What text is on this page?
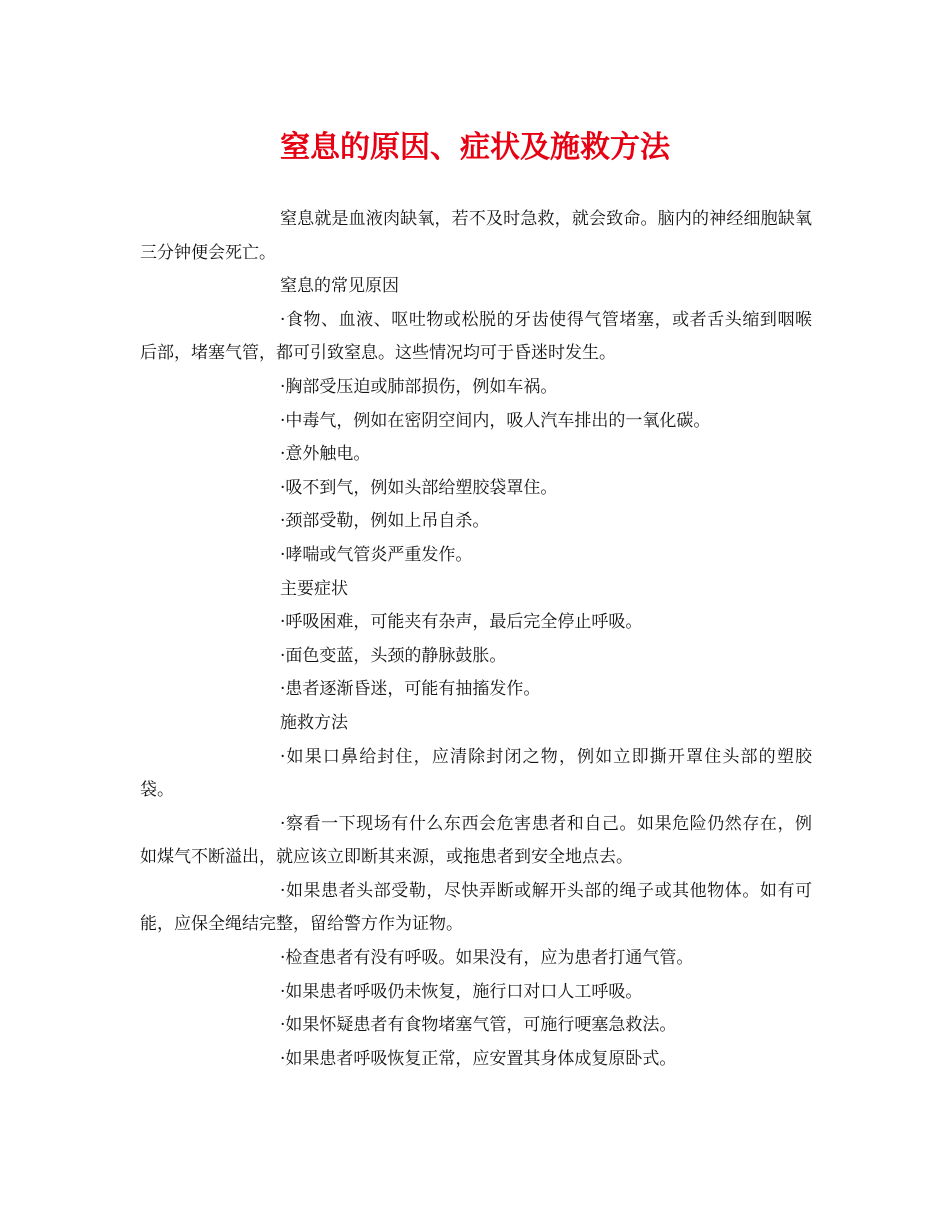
窒息的原因、症状及施救方法

窒息就是血液肉缺氧，若不及时急救，就会致命。脑内的神经细胞缺氧三分钟便会死亡。

窒息的常见原因

·食物、血液、呕吐物或松脱的牙齿使得气管堵塞，或者舌头缩到咽喉后部，堵塞气管，都可引致窒息。这些情况均可于昏迷时发生。

·胸部受压迫或肺部损伤，例如车祸。

·中毒气，例如在密阴空间内，吸人汽车排出的一氧化碳。

·意外触电。

·吸不到气，例如头部给塑胶袋罩住。

·颈部受勒，例如上吊自杀。

·哮喘或气管炎严重发作。

主要症状

·呼吸困难，可能夹有杂声，最后完全停止呼吸。

·面色变蓝，头颈的静脉鼓胀。

·患者逐渐昏迷，可能有抽搐发作。

施救方法

·如果口鼻给封住，应清除封闭之物，例如立即撕开罩住头部的塑胶袋。

·察看一下现场有什么东西会危害患者和自己。如果危险仍然存在，例如煤气不断溢出，就应该立即断其来源，或拖患者到安全地点去。

·如果患者头部受勒，尽快弄断或解开头部的绳子或其他物体。如有可能，应保全绳结完整，留给警方作为证物。

·检查患者有没有呼吸。如果没有，应为患者打通气管。

·如果患者呼吸仍未恢复，施行口对口人工呼吸。

·如果怀疑患者有食物堵塞气管，可施行哽塞急救法。

·如果患者呼吸恢复正常，应安置其身体成复原卧式。
